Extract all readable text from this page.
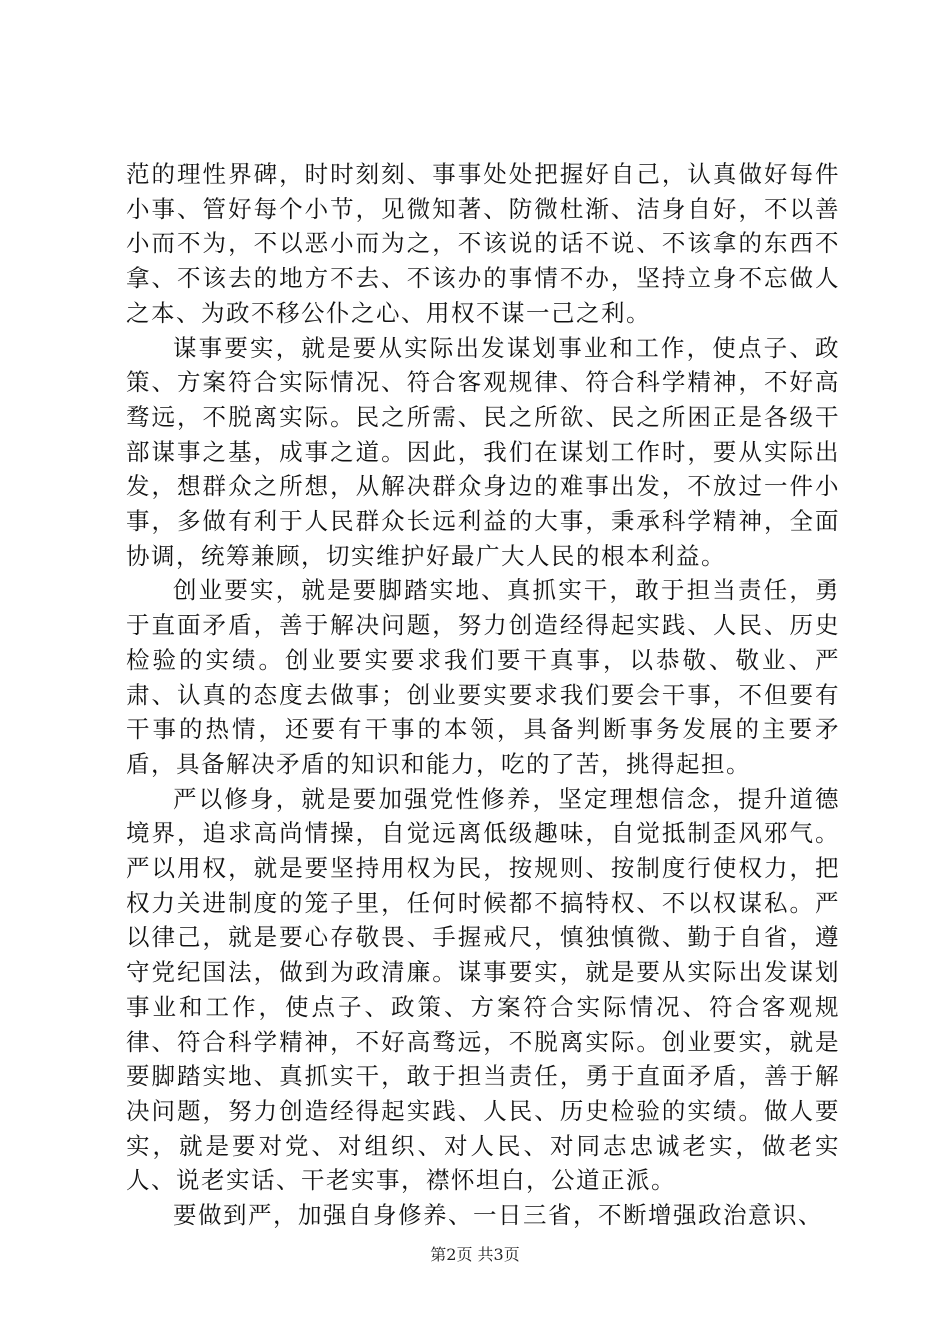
范的理性界碑，时时刻刻、事事处处把握好自己，认真做好每件小事、管好每个小节，见微知著、防微杜渐、洁身自好，不以善小而不为，不以恶小而为之，不该说的话不说、不该拿的东西不拿、不该去的地方不去、不该办的事情不办，坚持立身不忘做人之本、为政不移公仆之心、用权不谋一己之利。

谋事要实，就是要从实际出发谋划事业和工作，使点子、政策、方案符合实际情况、符合客观规律、符合科学精神，不好高骛远，不脱离实际。民之所需、民之所欲、民之所困正是各级干部谋事之基，成事之道。因此，我们在谋划工作时，要从实际出发，想群众之所想，从解决群众身边的难事出发，不放过一件小事，多做有利于人民群众长远利益的大事，秉承科学精神，全面协调，统筹兼顾，切实维护好最广大人民的根本利益。

创业要实，就是要脚踏实地、真抓实干，敢于担当责任，勇于直面矛盾，善于解决问题，努力创造经得起实践、人民、历史检验的实绩。创业要实要求我们要干真事，以恭敬、敬业、严肃、认真的态度去做事；创业要实要求我们要会干事，不但要有干事的热情，还要有干事的本领，具备判断事务发展的主要矛盾，具备解决矛盾的知识和能力，吃的了苦，挑得起担。

严以修身，就是要加强党性修养，坚定理想信念，提升道德境界，追求高尚情操，自觉远离低级趣味，自觉抵制歪风邪气。严以用权，就是要坚持用权为民，按规则、按制度行使权力，把权力关进制度的笼子里，任何时候都不搞特权、不以权谋私。严以律己，就是要心存敬畏、手握戒尺，慎独慎微、勤于自省，遵守党纪国法，做到为政清廉。谋事要实，就是要从实际出发谋划事业和工作，使点子、政策、方案符合实际情况、符合客观规律、符合科学精神，不好高骛远，不脱离实际。创业要实，就是要脚踏实地、真抓实干，敢于担当责任，勇于直面矛盾，善于解决问题，努力创造经得起实践、人民、历史检验的实绩。做人要实，就是要对党、对组织、对人民、对同志忠诚老实，做老实人、说老实话、干老实事，襟怀坦白，公道正派。

要做到严，加强自身修养、一日三省，不断增强政治意识、

第2页 共3页
